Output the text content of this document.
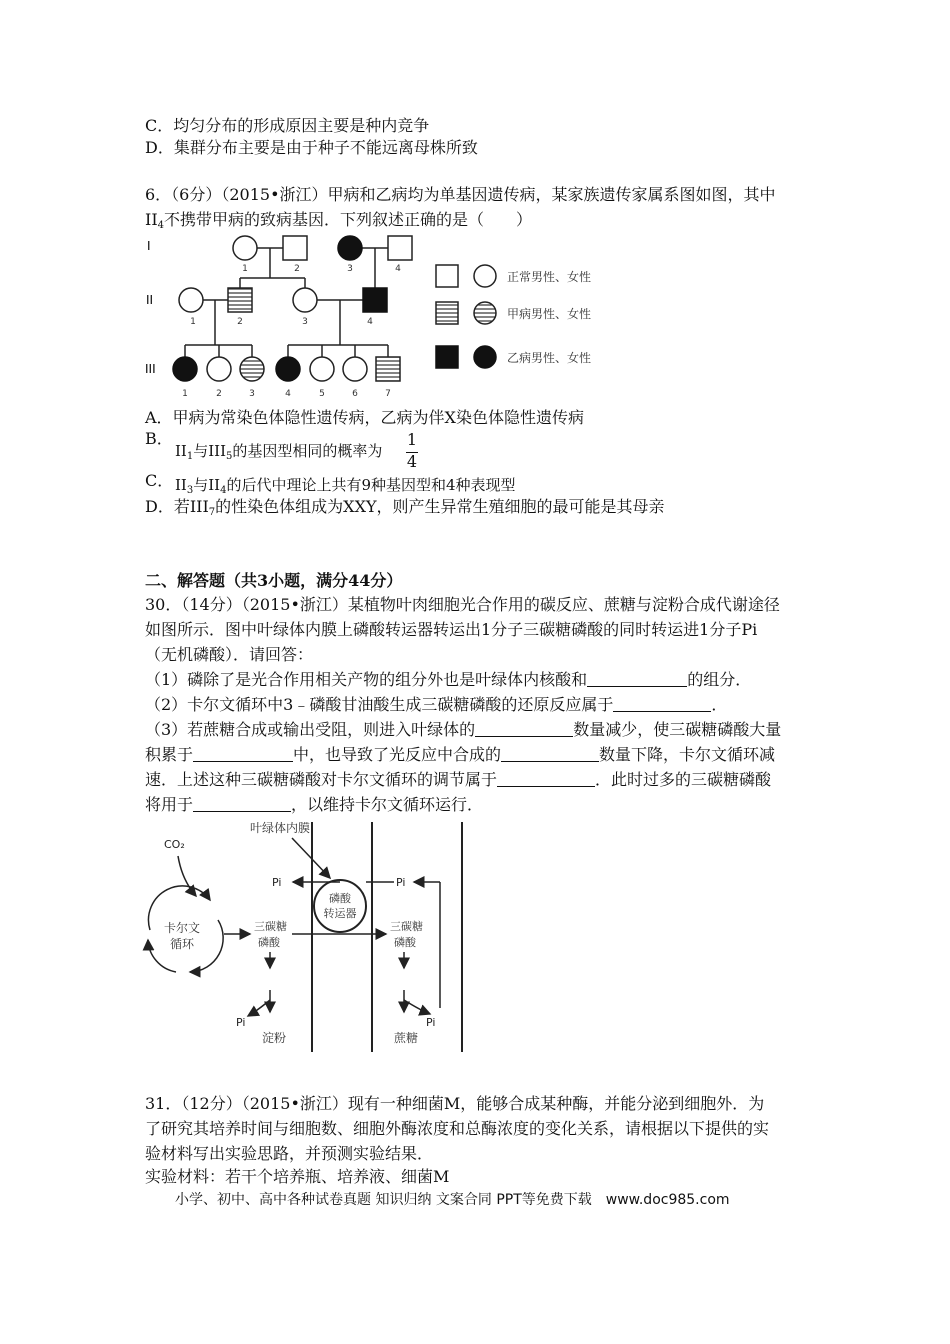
C．均匀分布的形成原因主要是种内竞争
D．集群分布主要是由于种子不能远离母株所致
6．（6分）（2015•浙江）甲病和乙病均为单基因遗传病，某家族遗传家属系图如图，其中
$II_4$不携带甲病的致病基因．下列叙述正确的是（　　）
I
II
III
1	2	3	4
1	2	3	4
1	2	3	4	5	6	7
正常男性、女性
甲病男性、女性
乙病男性、女性
A．甲病为常染色体隐性遗传病，乙病为伴X染色体隐性遗传病
B．
$II_1$与$III_5$的基因型相同的概率为
1
4
C． $II_3$与$II_4$的后代中理论上共有9种基因型和4种表现型
D．若$III_7$的性染色体组成为XXY，则产生异常生殖细胞的最可能是其母亲
二、解答题（共3小题，满分44分）
30．（14分）（2015•浙江）某植物叶肉细胞光合作用的碳反应、蔗糖与淀粉合成代谢途径
如图所示．图中叶绿体内膜上磷酸转运器转运出1分子三碳糖磷酸的同时转运进1分子Pi
（无机磷酸）．请回答：
（1）磷除了是光合作用相关产物的组分外也是叶绿体内核酸和	的组分．
（2）卡尔文循环中3﹣磷酸甘油酸生成三碳糖磷酸的还原反应属于	．
（3）若蔗糖合成或输出受阻，则进入叶绿体的	数量减少，使三碳糖磷酸大量
积累于	中，也导致了光反应中合成的	数量下降，卡尔文循环减
速．上述这种三碳糖磷酸对卡尔文循环的调节属于	．此时过多的三碳糖磷酸
将用于	，以维持卡尔文循环运行．
叶绿体内膜
磷酸
转运器
Pi	Pi
三碳糖
磷酸
三碳糖
磷酸
Pi	Pi
淀粉	蔗糖
CO₂
卡尔文
循环
31．（12分）（2015•浙江）现有一种细菌M，能够合成某种酶，并能分泌到细胞外．为
了研究其培养时间与细胞数、细胞外酶浓度和总酶浓度的变化关系，请根据以下提供的实
验材料写出实验思路，并预测实验结果．
实验材料：若干个培养瓶、培养液、细菌M
小学、初中、高中各种试卷真题 知识归纳 文案合同 PPT等免费下载　www.doc985.com
